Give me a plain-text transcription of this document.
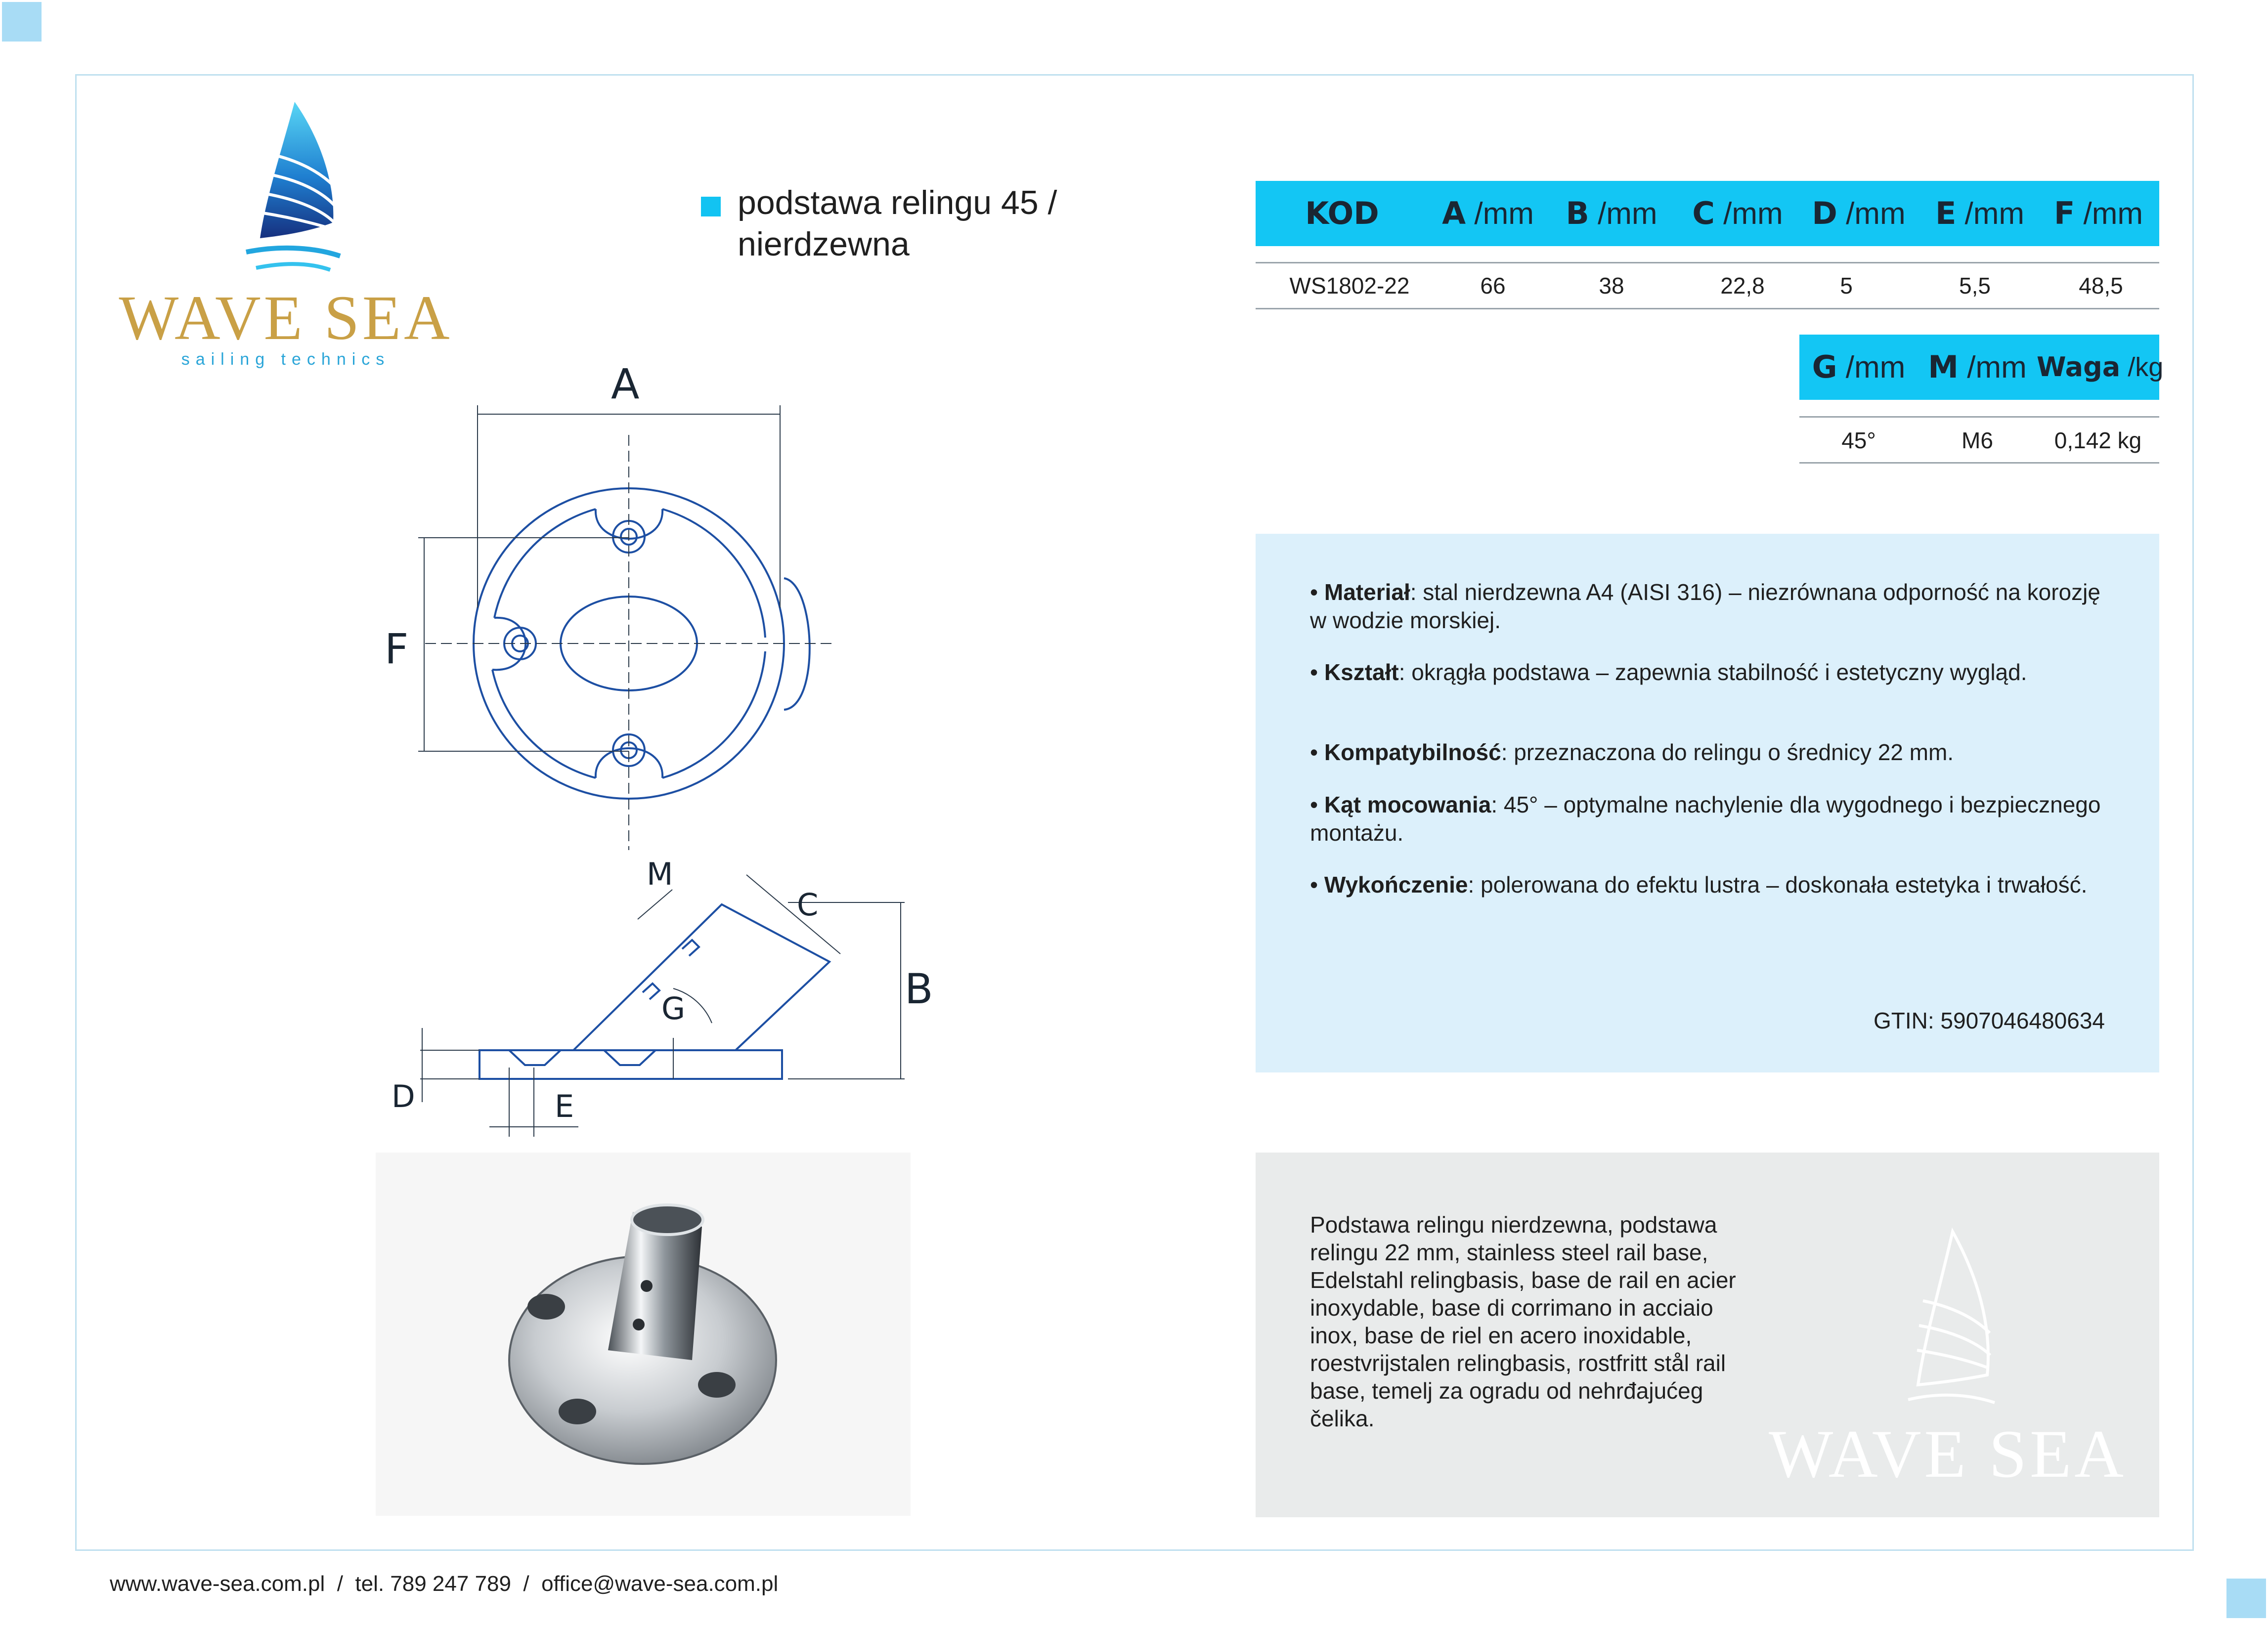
WAVE SEA
sailing technics
podstawa relingu 45 / nierdzewna
KOD	A /mm	B /mm	C /mm D /mm E /mm F /mm
WS1802-22	66	38	22,8	5	5,5	48,5
G /mm M /mm Waga /kg
45°	M6	0,142 kg
A
F
B
C
M
G
D	E
• Materiał: stal nierdzewna A4 (AISI 316) – niezrównana odporność na korozję w wodzie morskiej.
• Kształt: okrągła podstawa – zapewnia stabilność i estetyczny wygląd.
• Kompatybilność: przeznaczona do relingu o średnicy 22 mm.
• Kąt mocowania: 45° – optymalne nachylenie dla wygodnego i bezpiecznego montażu.
• Wykończenie: polerowana do efektu lustra – doskonała estetyka i trwałość.
GTIN: 5907046480634
Podstawa relingu nierdzewna, podstawa relingu 22 mm, stainless steel rail base, Edelstahl relingbasis, base de rail en acier inoxydable, base di corrimano in acciaio inox, base de riel en acero inoxidable, roestvrijstalen relingbasis, rostfritt stål rail base, temelj za ogradu od nehrđajućeg čelika.	WAVE SEA
www.wave-sea.com.pl  /  tel. 789 247 789  /  office@wave-sea.com.pl
